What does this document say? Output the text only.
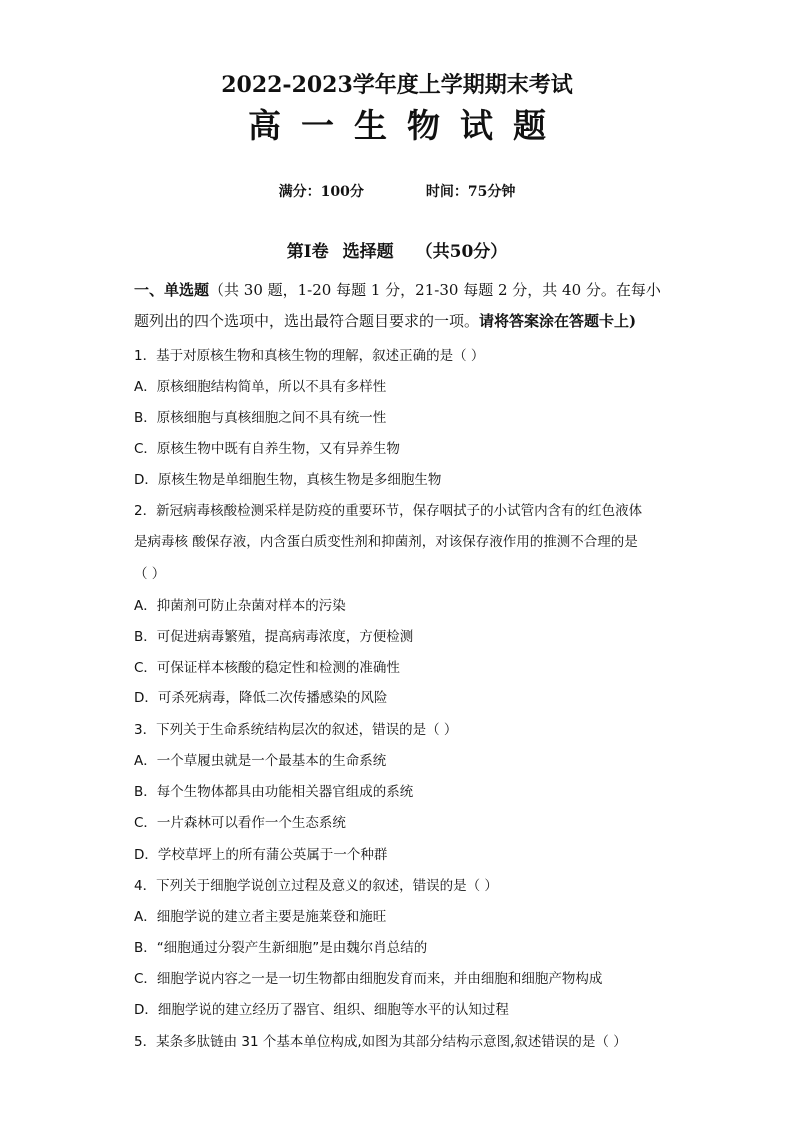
2022-2023学年度上学期期末考试
高一生物试题
满分：100分	时间：75分钟
第Ⅰ卷 选择题 （共50分）
一、单选题（共 30 题，1-20 每题 1 分，21-30 每题 2 分，共 40 分。在每小题列出的四个选项中，选出最符合题目要求的一项。请将答案涂在答题卡上)
1．基于对原核生物和真核生物的理解，叙述正确的是（ ）
A．原核细胞结构简单，所以不具有多样性
B．原核细胞与真核细胞之间不具有统一性
C．原核生物中既有自养生物，又有异养生物
D．原核生物是单细胞生物，真核生物是多细胞生物
2．新冠病毒核酸检测采样是防疫的重要环节，保存咽拭子的小试管内含有的红色液体
是病毒核 酸保存液，内含蛋白质变性剂和抑菌剂，对该保存液作用的推测不合理的是
（ ）
A．抑菌剂可防止杂菌对样本的污染
B．可促进病毒繁殖，提高病毒浓度，方便检测
C．可保证样本核酸的稳定性和检测的准确性
D．可杀死病毒，降低二次传播感染的风险
3．下列关于生命系统结构层次的叙述，错误的是（ ）
A．一个草履虫就是一个最基本的生命系统
B．每个生物体都具由功能相关器官组成的系统
C．一片森林可以看作一个生态系统
D．学校草坪上的所有蒲公英属于一个种群
4．下列关于细胞学说创立过程及意义的叙述，错误的是（ ）
A．细胞学说的建立者主要是施莱登和施旺
B．“细胞通过分裂产生新细胞”是由魏尔肖总结的
C．细胞学说内容之一是一切生物都由细胞发育而来，并由细胞和细胞产物构成
D．细胞学说的建立经历了器官、组织、细胞等水平的认知过程
5．某条多肽链由 31 个基本单位构成,如图为其部分结构示意图,叙述错误的是（ ）
